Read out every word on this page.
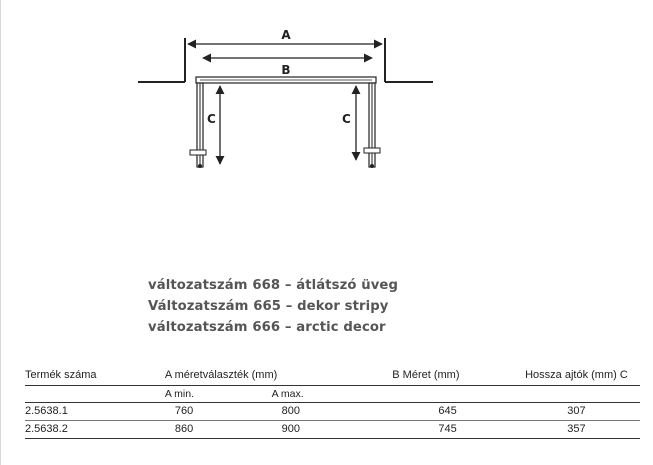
A
B
C	C
változatszám 668 – átlátszó üveg
Változatszám 665 – dekor stripy
változatszám 666 – arctic decor
Termék száma	A méretválaszték (mm)		B Méret (mm)	Hossza ajtók (mm) C
	A min.	A max.		
2.5638.1	760	800	645	307
2.5638.2	860	900	745	357
